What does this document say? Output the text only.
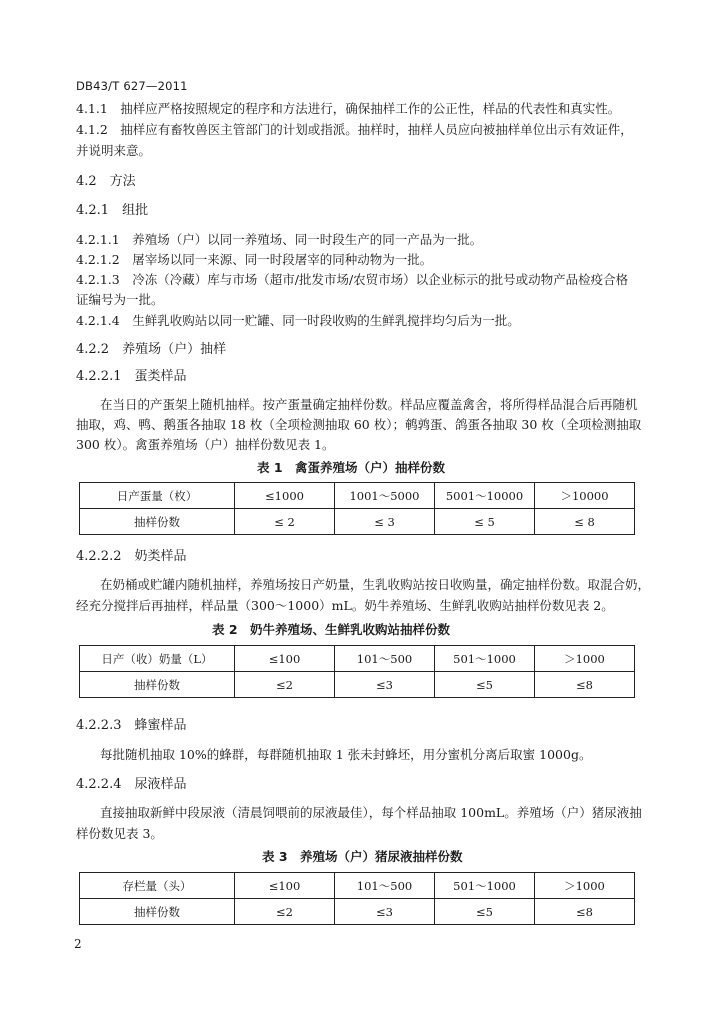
DB43/T 627—2011
4.1.1　抽样应严格按照规定的程序和方法进行，确保抽样工作的公正性，样品的代表性和真实性。
4.1.2　抽样应有畜牧兽医主管部门的计划或指派。抽样时，抽样人员应向被抽样单位出示有效证件，
并说明来意。
4.2　方法
4.2.1　组批
4.2.1.1　养殖场（户）以同一养殖场、同一时段生产的同一产品为一批。
4.2.1.2　屠宰场以同一来源、同一时段屠宰的同种动物为一批。
4.2.1.3　冷冻（冷藏）库与市场（超市/批发市场/农贸市场）以企业标示的批号或动物产品检疫合格
证编号为一批。
4.2.1.4　生鲜乳收购站以同一贮罐、同一时段收购的生鲜乳搅拌均匀后为一批。
4.2.2　养殖场（户）抽样
4.2.2.1　蛋类样品
在当日的产蛋架上随机抽样。按产蛋量确定抽样份数。样品应覆盖禽舍，将所得样品混合后再随机
抽取，鸡、鸭、鹅蛋各抽取 18 枚（全项检测抽取 60 枚）；鹌鹑蛋、鸽蛋各抽取 30 枚（全项检测抽取
300 枚）。禽蛋养殖场（户）抽样份数见表 1。
表 1　禽蛋养殖场（户）抽样份数
日产蛋量（枚）	≤1000	1001～5000	5001～10000	＞10000
抽样份数	≤ 2	≤ 3	≤ 5	≤ 8
4.2.2.2　奶类样品
在奶桶或贮罐内随机抽样，养殖场按日产奶量，生乳收购站按日收购量，确定抽样份数。取混合奶，
经充分搅拌后再抽样，样品量（300～1000）mL。奶牛养殖场、生鲜乳收购站抽样份数见表 2。
表 2　奶牛养殖场、生鲜乳收购站抽样份数
日产（收）奶量（L）	≤100	101～500	501～1000	＞1000
抽样份数	≤2	≤3	≤5	≤8
4.2.2.3　蜂蜜样品
每批随机抽取 10%的蜂群，每群随机抽取 1 张未封蜂坯，用分蜜机分离后取蜜 1000g。
4.2.2.4　尿液样品
直接抽取新鲜中段尿液（清晨饲喂前的尿液最佳），每个样品抽取 100mL。养殖场（户）猪尿液抽
样份数见表 3。
表 3　养殖场（户）猪尿液抽样份数
存栏量（头）	≤100	101～500	501～1000	＞1000
抽样份数	≤2	≤3	≤5	≤8
2
